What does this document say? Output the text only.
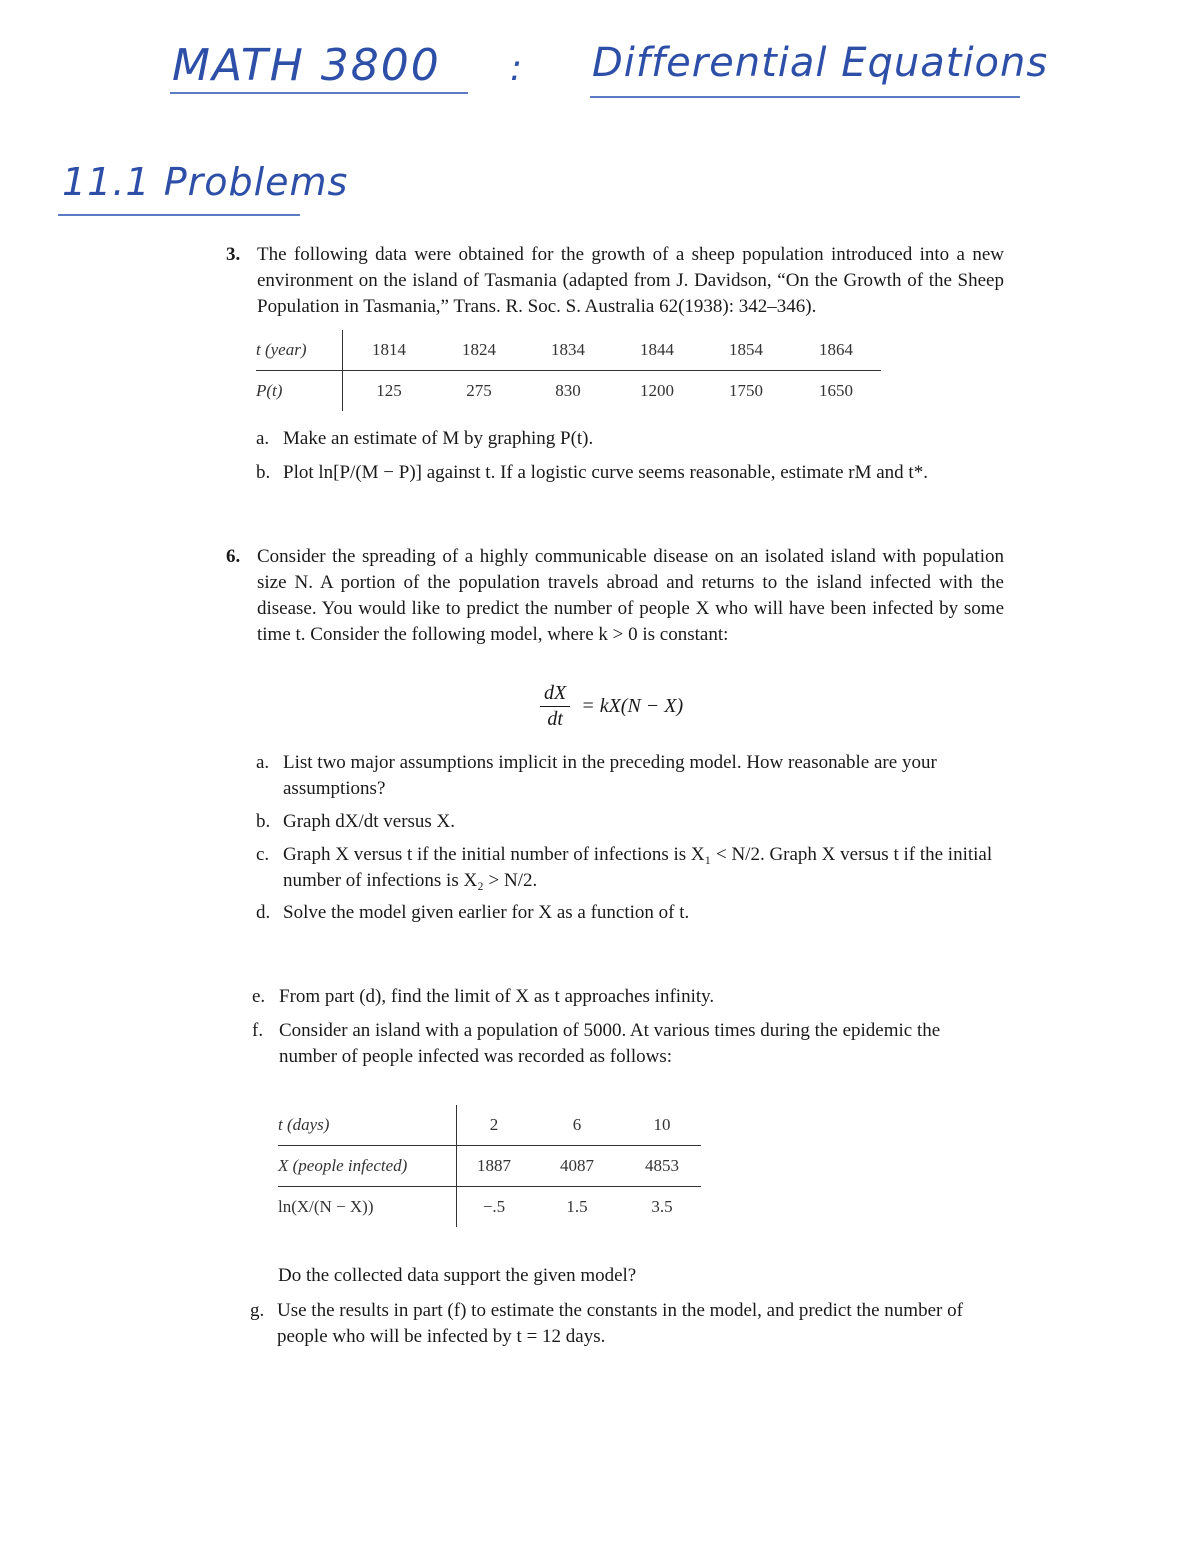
MATH 3800 : Differential Equations
11.1 Problems
3. The following data were obtained for the growth of a sheep population introduced into a new environment on the island of Tasmania (adapted from J. Davidson, “On the Growth of the Sheep Population in Tasmania,” Trans. R. Soc. S. Australia 62(1938): 342–346).
t (year)	1814	1824	1834	1844	1854	1864
P(t)	125	275	830	1200	1750	1650
a. Make an estimate of M by graphing P(t).
b. Plot ln[P/(M − P)] against t. If a logistic curve seems reasonable, estimate rM and t*.
6. Consider the spreading of a highly communicable disease on an isolated island with population size N. A portion of the population travels abroad and returns to the island infected with the disease. You would like to predict the number of people X who will have been infected by some time t. Consider the following model, where k > 0 is constant:
$\frac{dX}{dt} = kX(N - X)$
a. List two major assumptions implicit in the preceding model. How reasonable are your assumptions?
b. Graph dX/dt versus X.
c. Graph X versus t if the initial number of infections is X₁ < N/2. Graph X versus t if the initial number of infections is X₂ > N/2.
d. Solve the model given earlier for X as a function of t.
e. From part (d), find the limit of X as t approaches infinity.
f. Consider an island with a population of 5000. At various times during the epidemic the number of people infected was recorded as follows:
t (days)	2	6	10
X (people infected)	1887	4087	4853
ln(X/(N − X))	−.5	1.5	3.5
Do the collected data support the given model?
g. Use the results in part (f) to estimate the constants in the model, and predict the number of people who will be infected by t = 12 days.
